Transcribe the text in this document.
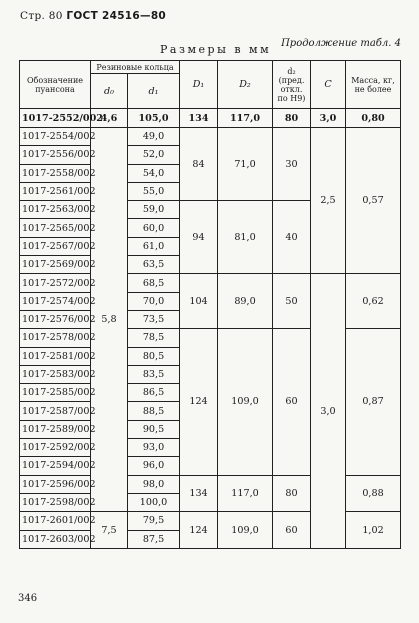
Стр. 80 ГОСТ 24516—80
Размеры в мм Продолжение табл. 4
Обозначение пуансона	Резиновые кольца		D₁	D₂	d₂ (пред. откл. по H9)	C	Масса, кг, не более
	d₀	d₁					
1017-2552/002	4,6	105,0	134	117,0	80	3,0	0,80
1017-2554/002	5,8	49,0	84	71,0	30	2,5	0,57
1017-2556/002		52,0					
1017-2558/002		54,0					
1017-2561/002		55,0					
1017-2563/002		59,0	94	81,0	40		
1017-2565/002		60,0					
1017-2567/002		61,0					
1017-2569/002		63,5					
1017-2572/002		68,5	104	89,0	50	3,0	0,62
1017-2574/002		70,0					
1017-2576/002		73,5					
1017-2578/002		78,5	124	109,0	60		0,87
1017-2581/002		80,5					
1017-2583/002		83,5					
1017-2585/002		86,5					
1017-2587/002		88,5					
1017-2589/002		90,5					
1017-2592/002		93,0					
1017-2594/002		96,0					
1017-2596/002		98,0	134	117,0	80		0,88
1017-2598/002		100,0					
1017-2601/002	7,5	79,5	124	109,0	60		1,02
1017-2603/002		87,5					
346
